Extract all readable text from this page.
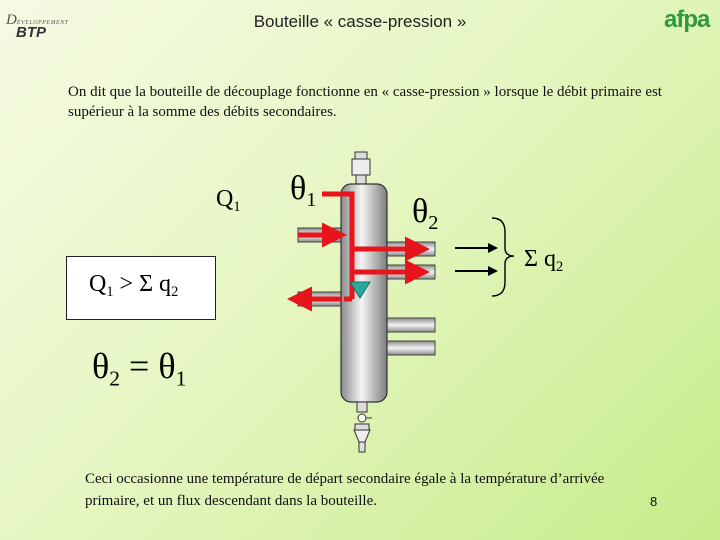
DÉVELOPPEMENT
BTP
Bouteille « casse-pression »	afpa
On dit que la bouteille de découplage fonctionne en « casse-pression » lorsque le débit primaire est supérieur à la somme des débits secondaires.
$Q_1$
$\theta_1$	$\theta_2$
Σ $q_2$
$Q_1 > \Sigma$ $q_2$
$\theta_2 = \theta_1$
Ceci occasionne une température de départ secondaire égale à la température d’arrivée primaire, et un flux descendant dans la bouteille.	8
